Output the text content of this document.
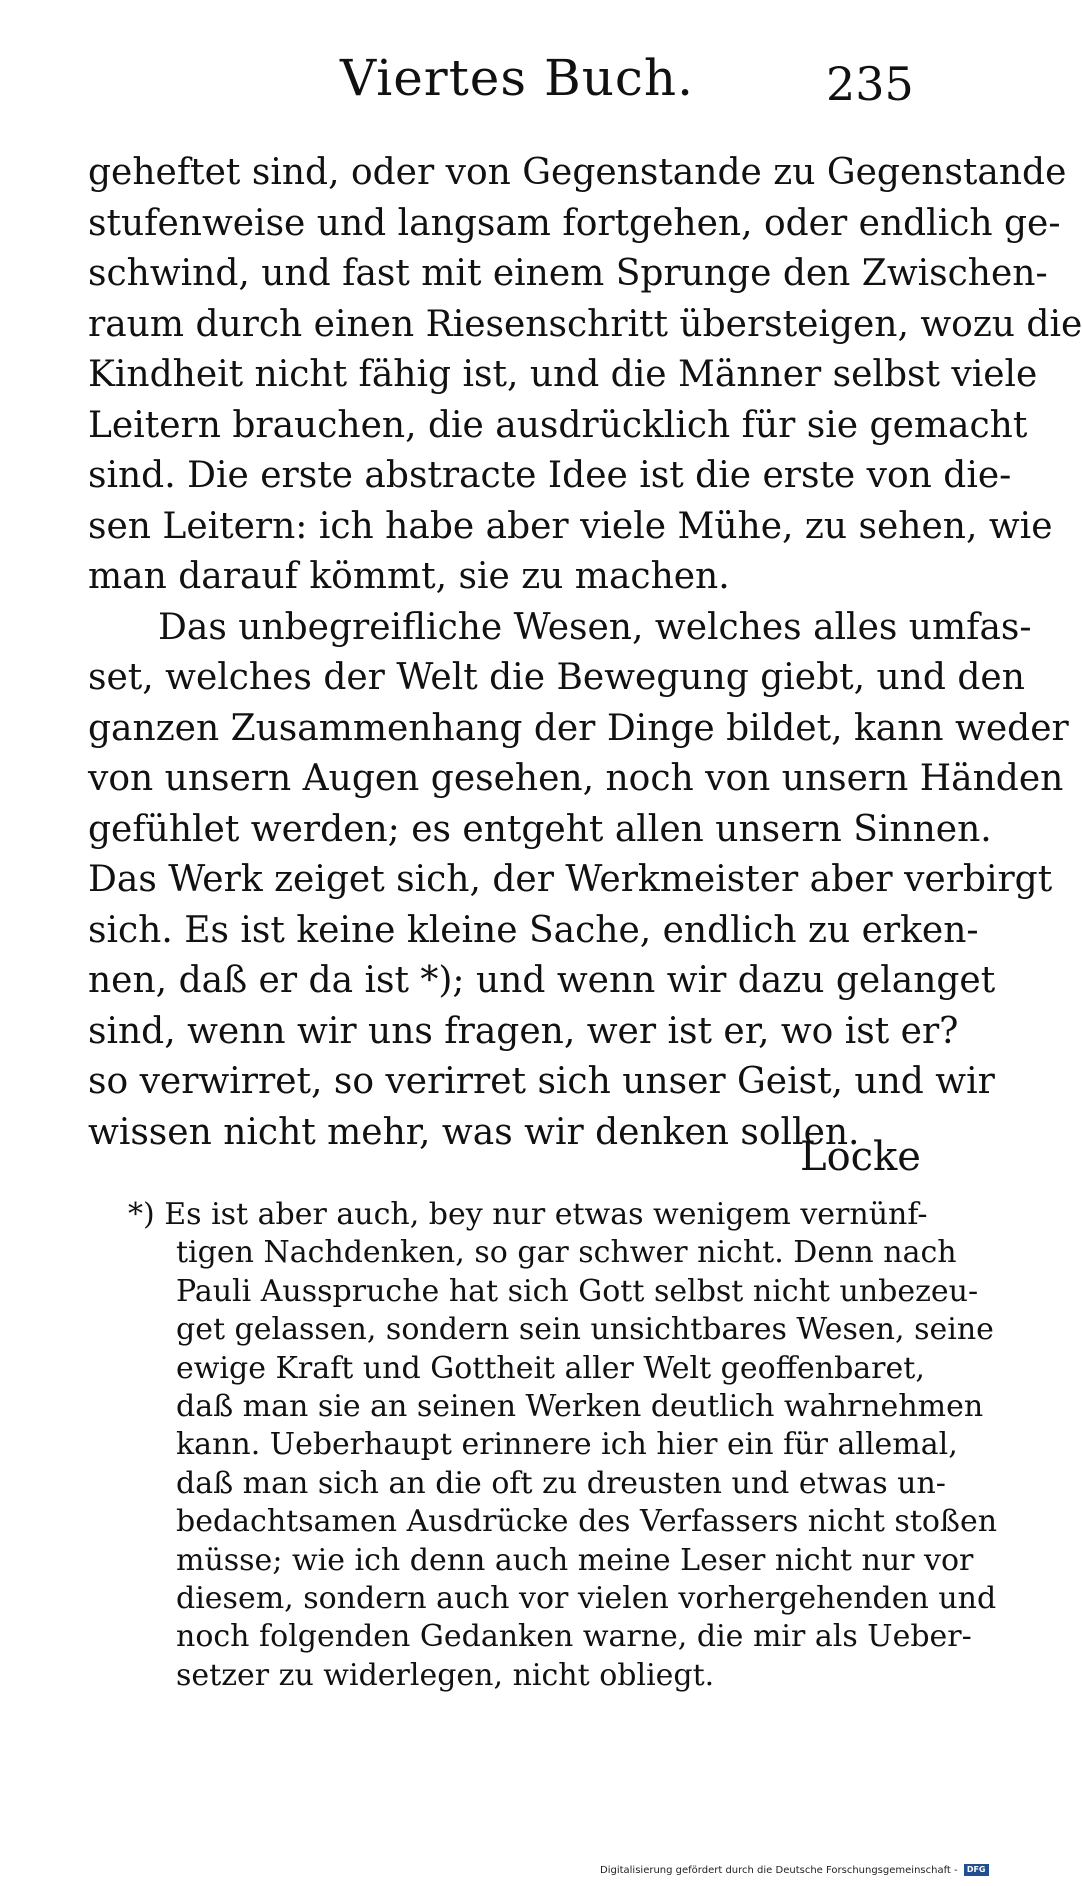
Viertes Buch.	235
geheftet sind, oder von Gegenstande zu Gegenstande
stufenweise und langsam fortgehen, oder endlich ge-
schwind, und fast mit einem Sprunge den Zwischen-
raum durch einen Riesenschritt übersteigen, wozu die
Kindheit nicht fähig ist, und die Männer selbst viele
Leitern brauchen, die ausdrücklich für sie gemacht
sind. Die erste abstracte Idee ist die erste von die-
sen Leitern: ich habe aber viele Mühe, zu sehen, wie
man darauf kömmt, sie zu machen.
Das unbegreifliche Wesen, welches alles umfas-
set, welches der Welt die Bewegung giebt, und den
ganzen Zusammenhang der Dinge bildet, kann weder
von unsern Augen gesehen, noch von unsern Händen
gefühlet werden; es entgeht allen unsern Sinnen.
Das Werk zeiget sich, der Werkmeister aber verbirgt
sich. Es ist keine kleine Sache, endlich zu erken-
nen, daß er da ist *); und wenn wir dazu gelanget
sind, wenn wir uns fragen, wer ist er, wo ist er?
so verwirret, so verirret sich unser Geist, und wir
wissen nicht mehr, was wir denken sollen.
Locke
*) Es ist aber auch, bey nur etwas wenigem vernünf-
tigen Nachdenken, so gar schwer nicht. Denn nach
Pauli Ausspruche hat sich Gott selbst nicht unbezeu-
get gelassen, sondern sein unsichtbares Wesen, seine
ewige Kraft und Gottheit aller Welt geoffenbaret,
daß man sie an seinen Werken deutlich wahrnehmen
kann. Ueberhaupt erinnere ich hier ein für allemal,
daß man sich an die oft zu dreusten und etwas un-
bedachtsamen Ausdrücke des Verfassers nicht stoßen
müsse; wie ich denn auch meine Leser nicht nur vor
diesem, sondern auch vor vielen vorhergehenden und
noch folgenden Gedanken warne, die mir als Ueber-
setzer zu widerlegen, nicht obliegt.
Digitalisierung gefördert durch die Deutsche Forschungsgemeinschaft - DFG
